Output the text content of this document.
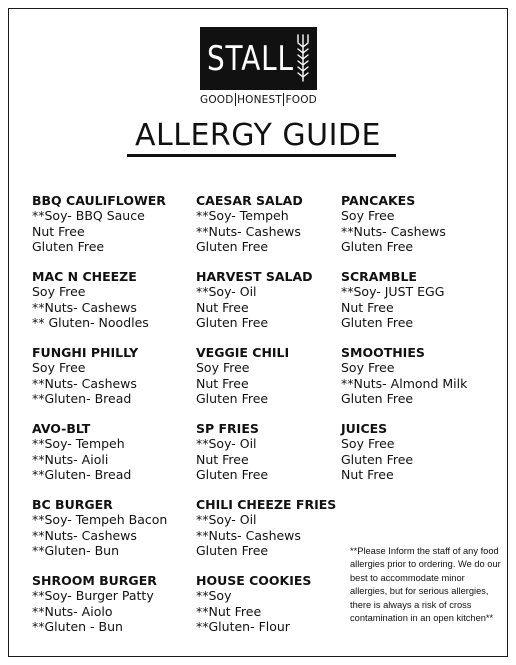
STALL
GOOD HONEST FOOD
ALLERGY GUIDE
BBQ CAULIFLOWER
**Soy- BBQ Sauce
Nut Free
Gluten Free
MAC N CHEEZE
Soy Free
**Nuts- Cashews
** Gluten- Noodles
FUNGHI PHILLY
Soy Free
**Nuts- Cashews
**Gluten- Bread
AVO-BLT
**Soy- Tempeh
**Nuts- Aioli
**Gluten- Bread
BC BURGER
**Soy- Tempeh Bacon
**Nuts- Cashews
**Gluten- Bun
SHROOM BURGER
**Soy- Burger Patty
**Nuts- Aiolo
**Gluten - Bun
CAESAR SALAD
**Soy- Tempeh
**Nuts- Cashews
Gluten Free
HARVEST SALAD
**Soy- Oil
Nut Free
Gluten Free
VEGGIE CHILI
Soy Free
Nut Free
Gluten Free
SP FRIES
**Soy- Oil
Nut Free
Gluten Free
CHILI CHEEZE FRIES
**Soy- Oil
**Nuts- Cashews
Gluten Free
HOUSE COOKIES
**Soy
**Nut Free
**Gluten- Flour
PANCAKES
Soy Free
**Nuts- Cashews
Gluten Free
SCRAMBLE
**Soy- JUST EGG
Nut Free
Gluten Free
SMOOTHIES
Soy Free
**Nuts- Almond Milk
Gluten Free
JUICES
Soy Free
Gluten Free
Nut Free
**Please Inform the staff of any food allergies prior to ordering. We do our best to accommodate minor allergies, but for serious allergies, there is always a risk of cross contamination in an open kitchen**
